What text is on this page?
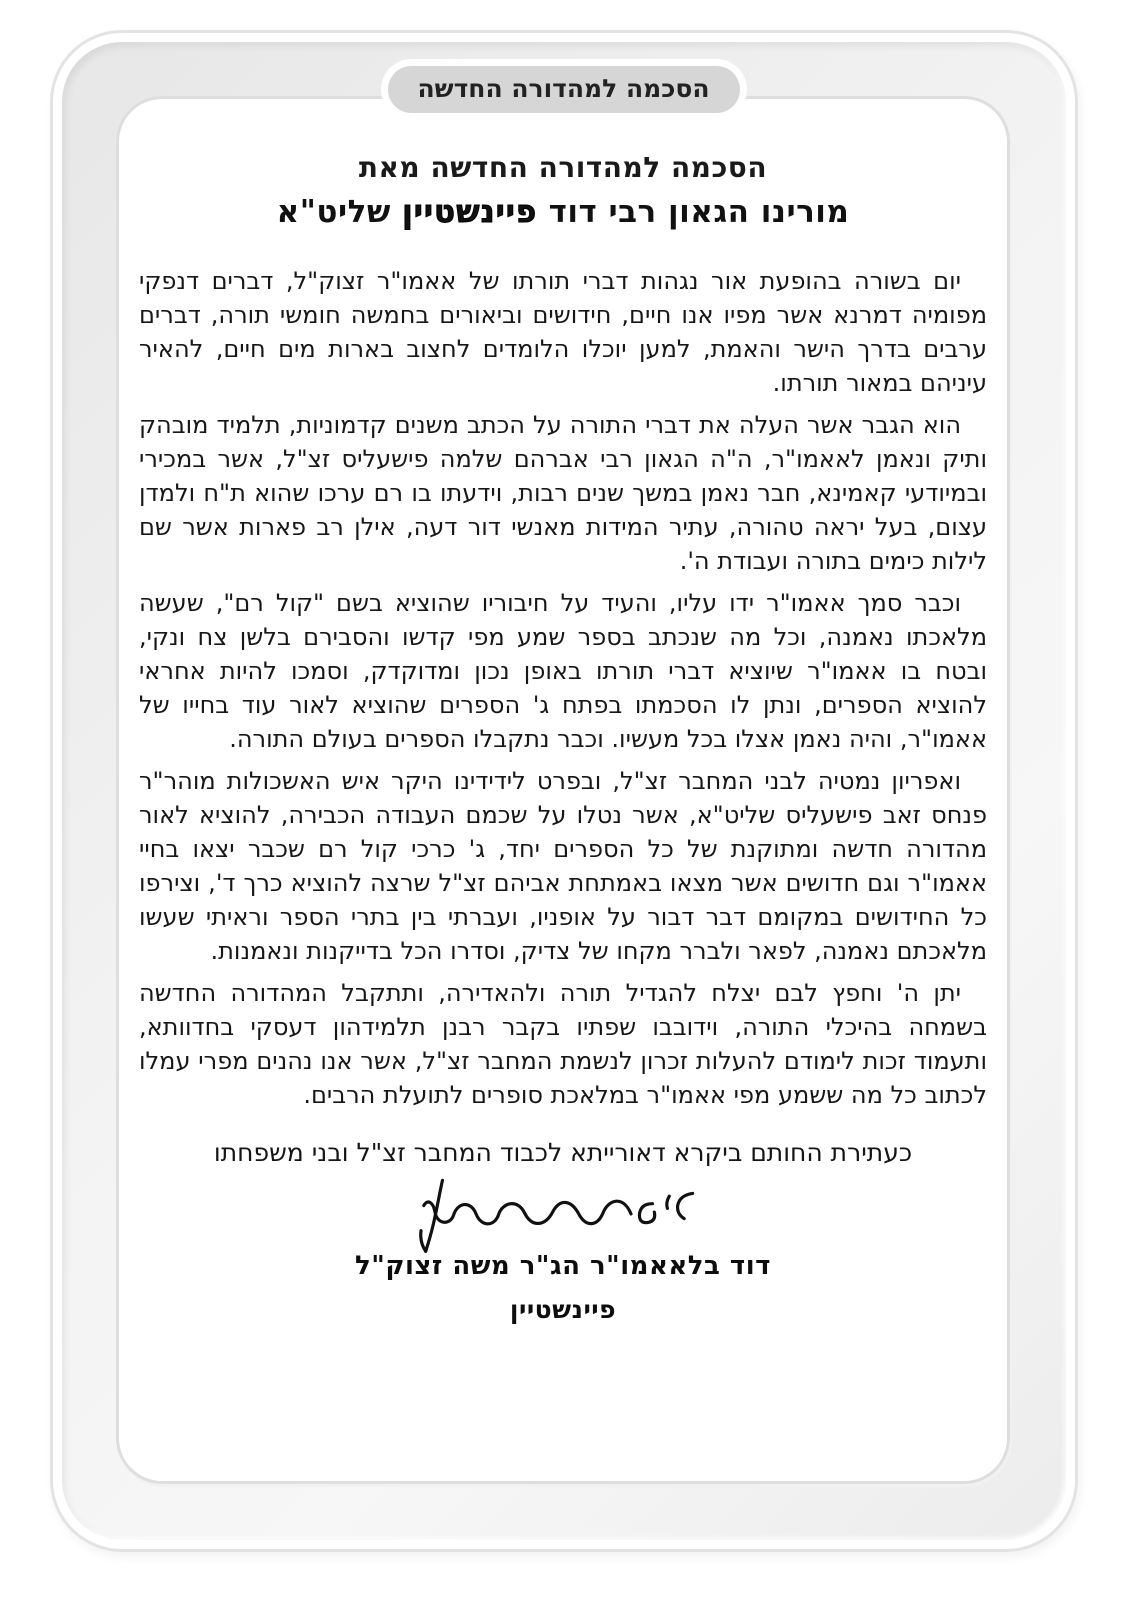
הסכמה למהדורה החדשה
הסכמה למהדורה החדשה מאת
מורינו הגאון רבי דוד פיינשטיין שליט"א

יום בשורה בהופעת אור נגהות דברי תורתו של אאמו"ר זצוק"ל, דברים דנפקי מפומיה דמרנא אשר מפיו אנו חיים, חידושים וביאורים בחמשה חומשי תורה, דברים ערבים בדרך הישר והאמת, למען יוכלו הלומדים לחצוב בארות מים חיים, להאיר עיניהם במאור תורתו.

הוא הגבר אשר העלה את דברי התורה על הכתב משנים קדמוניות, תלמיד מובהק ותיק ונאמן לאאמו"ר, ה"ה הגאון רבי אברהם שלמה פישעליס זצ"ל, אשר במכירי ובמיודעי קאמינא, חבר נאמן במשך שנים רבות, וידעתו בו רם ערכו שהוא ת"ח ולמדן עצום, בעל יראה טהורה, עתיר המידות מאנשי דור דעה, אילן רב פארות אשר שם לילות כימים בתורה ועבודת ה'.

וכבר סמך אאמו"ר ידו עליו, והעיד על חיבוריו שהוציא בשם "קול רם", שעשה מלאכתו נאמנה, וכל מה שנכתב בספר שמע מפי קדשו והסבירם בלשן צח ונקי, ובטח בו אאמו"ר שיוציא דברי תורתו באופן נכון ומדוקדק, וסמכו להיות אחראי להוציא הספרים, ונתן לו הסכמתו בפתח ג' הספרים שהוציא לאור עוד בחייו של אאמו"ר, והיה נאמן אצלו בכל מעשיו. וכבר נתקבלו הספרים בעולם התורה.

ואפריון נמטיה לבני המחבר זצ"ל, ובפרט לידידינו היקר איש האשכולות מוהר"ר פנחס זאב פישעליס שליט"א, אשר נטלו על שכמם העבודה הכבירה, להוציא לאור מהדורה חדשה ומתוקנת של כל הספרים יחד, ג' כרכי קול רם שכבר יצאו בחיי אאמו"ר וגם חדושים אשר מצאו באמתחת אביהם זצ"ל שרצה להוציא כרך ד', וצירפו כל החידושים במקומם דבר דבור על אופניו, ועברתי בין בתרי הספר וראיתי שעשו מלאכתם נאמנה, לפאר ולברר מקחו של צדיק, וסדרו הכל בדייקנות ונאמנות.

יתן ה' וחפץ לבם יצלח להגדיל תורה ולהאדירה, ותתקבל המהדורה החדשה בשמחה בהיכלי התורה, וידובבו שפתיו בקבר רבנן תלמידהון דעסקי בחדוותא, ותעמוד זכות לימודם להעלות זכרון לנשמת המחבר זצ"ל, אשר אנו נהנים מפרי עמלו לכתוב כל מה ששמע מפי אאמו"ר במלאכת סופרים לתועלת הרבים.

כעתירת החותם ביקרא דאורייתא לכבוד המחבר זצ"ל ובני משפחתו
דוד בלאאמו"ר הג"ר משה זצוק"ל
פיינשטיין
